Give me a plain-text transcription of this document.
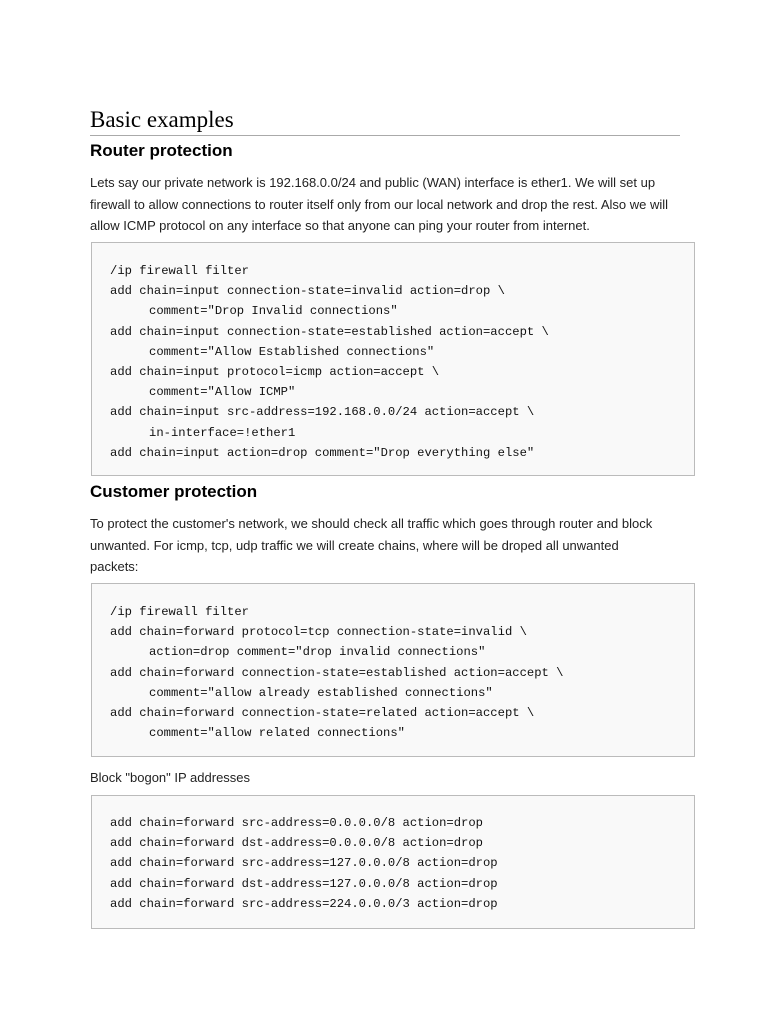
Basic examples
Router protection
Lets say our private network is 192.168.0.0/24 and public (WAN) interface is ether1. We will set up
firewall to allow connections to router itself only from our local network and drop the rest. Also we will
allow ICMP protocol on any interface so that anyone can ping your router from internet.
/ip firewall filter
add chain=input connection-state=invalid action=drop \
comment="Drop Invalid connections"
add chain=input connection-state=established action=accept \
comment="Allow Established connections"
add chain=input protocol=icmp action=accept \
comment="Allow ICMP"
add chain=input src-address=192.168.0.0/24 action=accept \
in-interface=!ether1
add chain=input action=drop comment="Drop everything else"
Customer protection
To protect the customer's network, we should check all traffic which goes through router and block
unwanted. For icmp, tcp, udp traffic we will create chains, where will be droped all unwanted
packets:
/ip firewall filter
add chain=forward protocol=tcp connection-state=invalid \
action=drop comment="drop invalid connections"
add chain=forward connection-state=established action=accept \
comment="allow already established connections"
add chain=forward connection-state=related action=accept \
comment="allow related connections"
Block "bogon" IP addresses
add chain=forward src-address=0.0.0.0/8 action=drop
add chain=forward dst-address=0.0.0.0/8 action=drop
add chain=forward src-address=127.0.0.0/8 action=drop
add chain=forward dst-address=127.0.0.0/8 action=drop
add chain=forward src-address=224.0.0.0/3 action=drop
